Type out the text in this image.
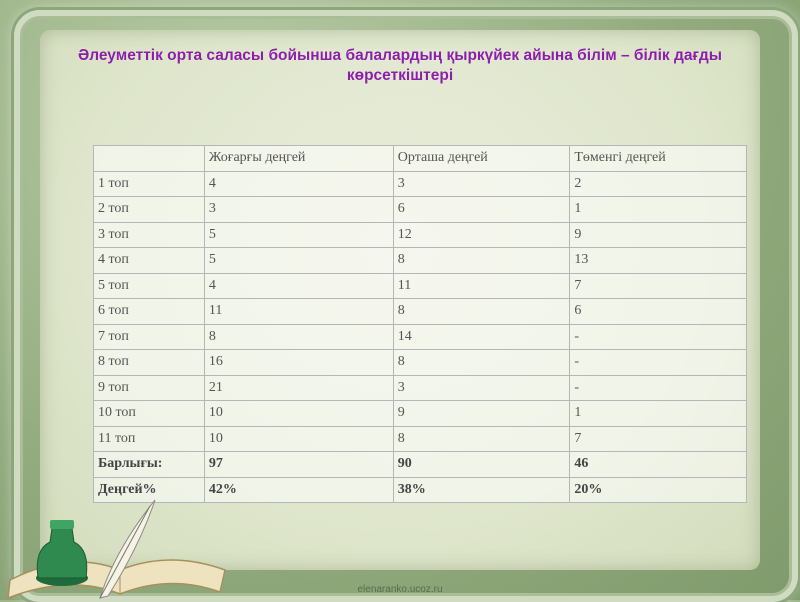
Әлеуметтік орта саласы бойынша балалардың қыркүйек айына білім – білік дағды көрсеткіштері
	Жоғарғы деңгей	Орташа деңгей	Төменгі деңгей
1 топ	4	3	2
2 топ	3	6	1
3 топ	5	12	9
4 топ	5	8	13
5 топ	4	11	7
6 топ	11	8	6
7 топ	8	14	-
8 топ	16	8	-
9 топ	21	3	-
10 топ	10	9	1
11 топ	10	8	7
Барлығы:	97	90	46
Деңгей%	42%	38%	20%
elenaranko.ucoz.ru
